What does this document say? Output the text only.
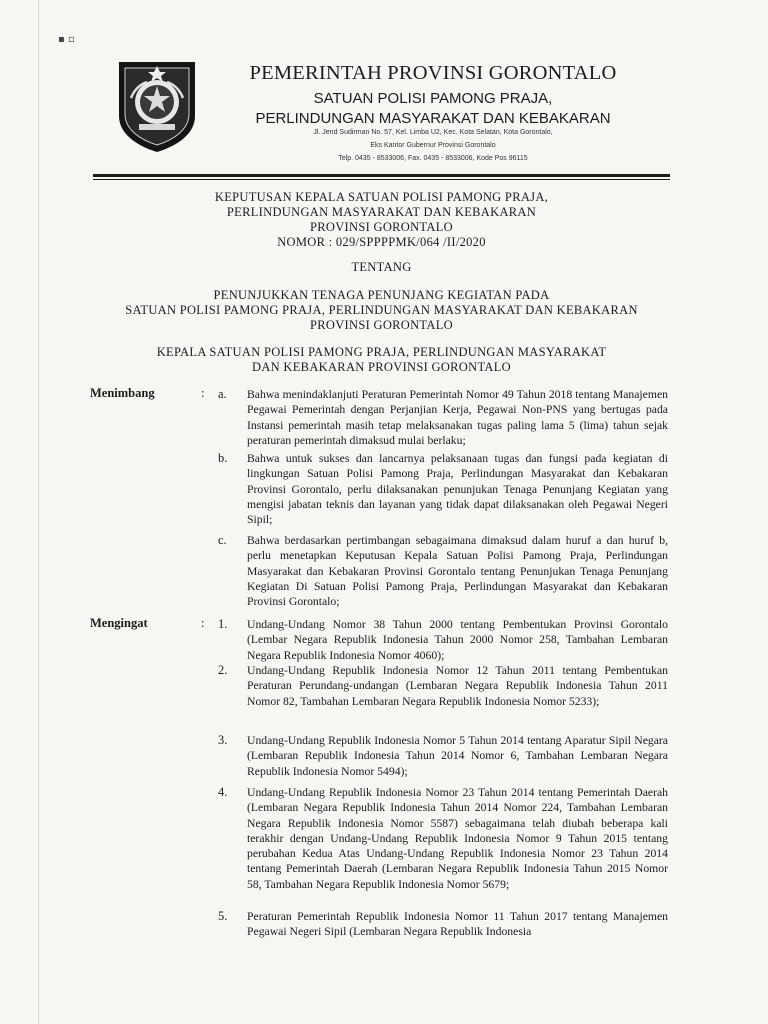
▪ ▫
PEMERINTAH PROVINSI GORONTALO
SATUAN POLISI PAMONG PRAJA,
PERLINDUNGAN MASYARAKAT DAN KEBAKARAN
Jl. Jend Sudirman No. 57, Kel. Limba U2, Kec. Kota Selatan, Kota Gorontalo,
Eks Kantor Gubernur Provinsi Gorontalo
Telp. 0435 - 8533006, Fax. 0435 - 8533006, Kode Pos 96115
KEPUTUSAN KEPALA SATUAN POLISI PAMONG PRAJA,
PERLINDUNGAN MASYARAKAT DAN KEBAKARAN
PROVINSI GORONTALO
NOMOR : 029/SPPPPMK/064 /II/2020
TENTANG
PENUNJUKKAN TENAGA PENUNJANG KEGIATAN PADA
SATUAN POLISI PAMONG PRAJA, PERLINDUNGAN MASYARAKAT DAN KEBAKARAN
PROVINSI GORONTALO
KEPALA SATUAN POLISI PAMONG PRAJA, PERLINDUNGAN MASYARAKAT
DAN KEBAKARAN PROVINSI GORONTALO
Menimbang	: a. Bahwa menindaklanjuti Peraturan Pemerintah Nomor 49 Tahun 2018 tentang Manajemen Pegawai Pemerintah dengan Perjanjian Kerja, Pegawai Non-PNS yang bertugas pada Instansi pemerintah masih tetap melaksanakan tugas paling lama 5 (lima) tahun sejak peraturan pemerintah dimaksud mulai berlaku;

b. Bahwa untuk sukses dan lancarnya pelaksanaan tugas dan fungsi pada kegiatan di lingkungan Satuan Polisi Pamong Praja, Perlindungan Masyarakat dan Kebakaran Provinsi Gorontalo, perlu dilaksanakan penunjukan Tenaga Penunjang Kegiatan yang mengisi jabatan teknis dan layanan yang tidak dapat dilaksanakan oleh Pegawai Negeri Sipil;

c. Bahwa berdasarkan pertimbangan sebagaimana dimaksud dalam huruf a dan huruf b, perlu menetapkan Keputusan Kepala Satuan Polisi Pamong Praja, Perlindungan Masyarakat dan Kebakaran Provinsi Gorontalo tentang Penunjukan Tenaga Penunjang Kegiatan Di Satuan Polisi Pamong Praja, Perlindungan Masyarakat dan Kebakaran Provinsi Gorontalo;

Mengingat	: 1. Undang-Undang Nomor 38 Tahun 2000 tentang Pembentukan Provinsi Gorontalo (Lembar Negara Republik Indonesia Tahun 2000 Nomor 258, Tambahan Lembaran Negara Republik Indonesia Nomor 4060);

2. Undang-Undang Republik Indonesia Nomor 12 Tahun 2011 tentang Pembentukan Peraturan Perundang-undangan (Lembaran Negara Republik Indonesia Tahun 2011 Nomor 82, Tambahan Lembaran Negara Republik Indonesia Nomor 5233);

3. Undang-Undang Republik Indonesia Nomor 5 Tahun 2014 tentang Aparatur Sipil Negara (Lembaran Republik Indonesia Tahun 2014 Nomor 6, Tambahan Lembaran Negara Republik Indonesia Nomor 5494);

4. Undang-Undang Republik Indonesia Nomor 23 Tahun 2014 tentang Pemerintah Daerah (Lembaran Negara Republik Indonesia Tahun 2014 Nomor 224, Tambahan Lembaran Negara Republik Indonesia Nomor 5587) sebagaimana telah diubah beberapa kali terakhir dengan Undang-Undang Republik Indonesia Nomor 9 Tahun 2015 tentang perubahan Kedua Atas Undang-Undang Republik Indonesia Nomor 23 Tahun 2014 tentang Pemerintah Daerah (Lembaran Negara Republik Indonesia Tahun 2015 Nomor 58, Tambahan Negara Republik Indonesia Nomor 5679;

5. Peraturan Pemerintah Republik Indonesia Nomor 11 Tahun 2017 tentang Manajemen Pegawai Negeri Sipil (Lembaran Negara Republik Indonesia
